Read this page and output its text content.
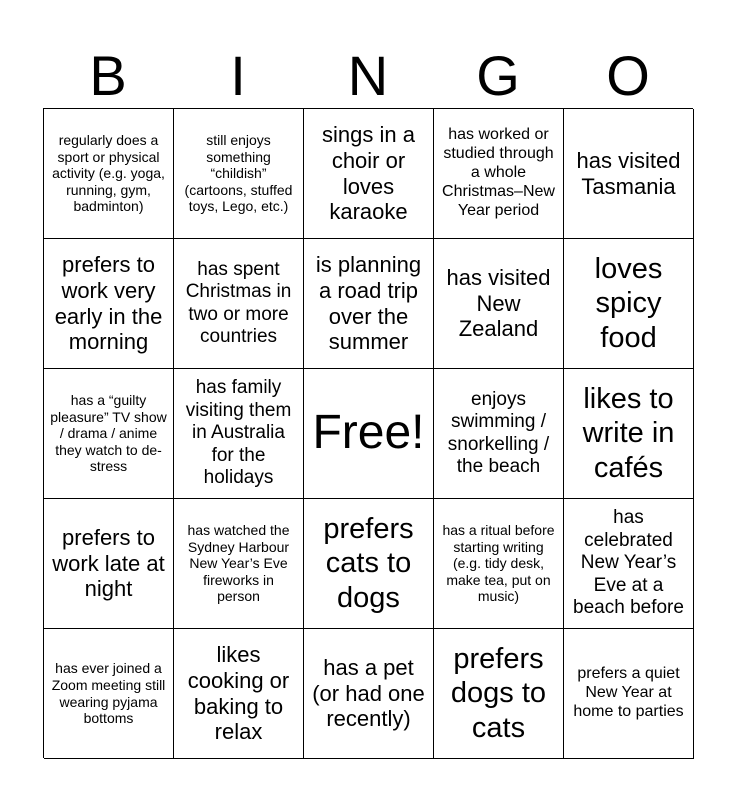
B	I	N	G	O
regularly does a sport or physical activity (e.g. yoga, running, gym, badminton)
still enjoys something “childish” (cartoons, stuffed toys, Lego, etc.)
sings in a choir or loves karaoke
has worked or studied through a whole Christmas–New Year period
has visited Tasmania
prefers to work very early in the morning
has spent Christmas in two or more countries
is planning a road trip over the summer
has visited New Zealand
loves spicy food
has a “guilty pleasure” TV show / drama / anime they watch to de-stress
has family visiting them in Australia for the holidays
Free!
enjoys swimming / snorkelling / the beach
likes to write in cafés
prefers to work late at night
has watched the Sydney Harbour New Year’s Eve fireworks in person
prefers cats to dogs
has a ritual before starting writing (e.g. tidy desk, make tea, put on music)
has celebrated New Year’s Eve at a beach before
has ever joined a Zoom meeting still wearing pyjama bottoms
likes cooking or baking to relax
has a pet (or had one recently)
prefers dogs to cats
prefers a quiet New Year at home to parties
